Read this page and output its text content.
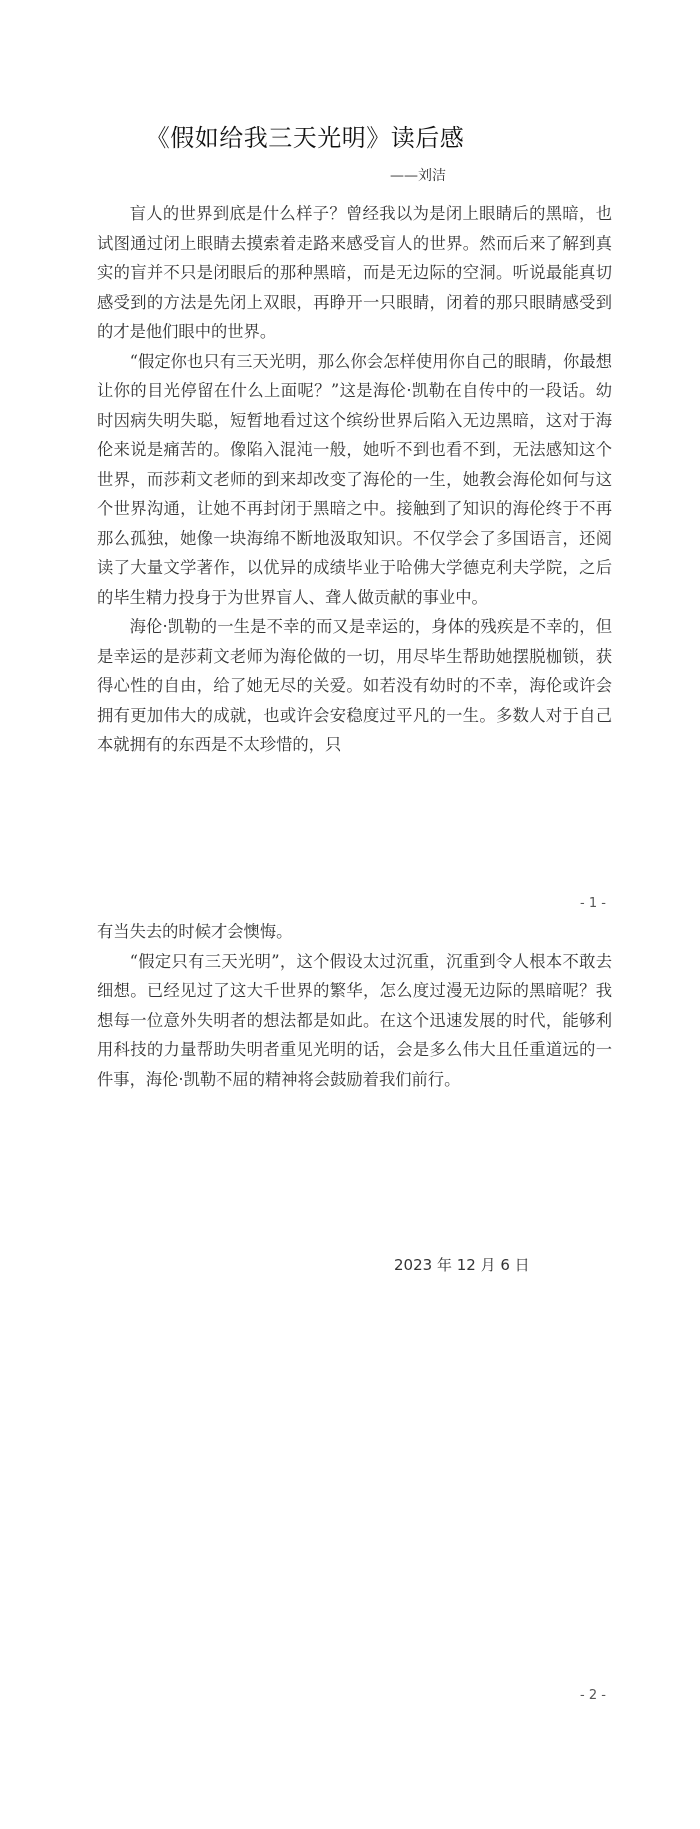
《假如给我三天光明》读后感
——刘洁

盲人的世界到底是什么样子？曾经我以为是闭上眼睛后的黑暗，也试图通过闭上眼睛去摸索着走路来感受盲人的世界。然而后来了解到真实的盲并不只是闭眼后的那种黑暗，而是无边际的空洞。听说最能真切感受到的方法是先闭上双眼，再睁开一只眼睛，闭着的那只眼睛感受到的才是他们眼中的世界。

“假定你也只有三天光明，那么你会怎样使用你自己的眼睛，你最想让你的目光停留在什么上面呢？”这是海伦·凯勒在自传中的一段话。幼时因病失明失聪，短暂地看过这个缤纷世界后陷入无边黑暗，这对于海伦来说是痛苦的。像陷入混沌一般，她听不到也看不到，无法感知这个世界，而莎莉文老师的到来却改变了海伦的一生，她教会海伦如何与这个世界沟通，让她不再封闭于黑暗之中。接触到了知识的海伦终于不再那么孤独，她像一块海绵不断地汲取知识。不仅学会了多国语言，还阅读了大量文学著作，以优异的成绩毕业于哈佛大学德克利夫学院，之后的毕生精力投身于为世界盲人、聋人做贡献的事业中。

海伦·凯勒的一生是不幸的而又是幸运的，身体的残疾是不幸的，但是幸运的是莎莉文老师为海伦做的一切，用尽毕生帮助她摆脱枷锁，获得心性的自由，给了她无尽的关爱。如若没有幼时的不幸，海伦或许会拥有更加伟大的成就，也或许会安稳度过平凡的一生。多数人对于自己本就拥有的东西是不太珍惜的，只

- 1 -

有当失去的时候才会懊悔。

“假定只有三天光明”，这个假设太过沉重，沉重到令人根本不敢去细想。已经见过了这大千世界的繁华，怎么度过漫无边际的黑暗呢？我想每一位意外失明者的想法都是如此。在这个迅速发展的时代，能够利用科技的力量帮助失明者重见光明的话，会是多么伟大且任重道远的一件事，海伦·凯勒不屈的精神将会鼓励着我们前行。

2023 年 12 月 6 日
- 2 -
